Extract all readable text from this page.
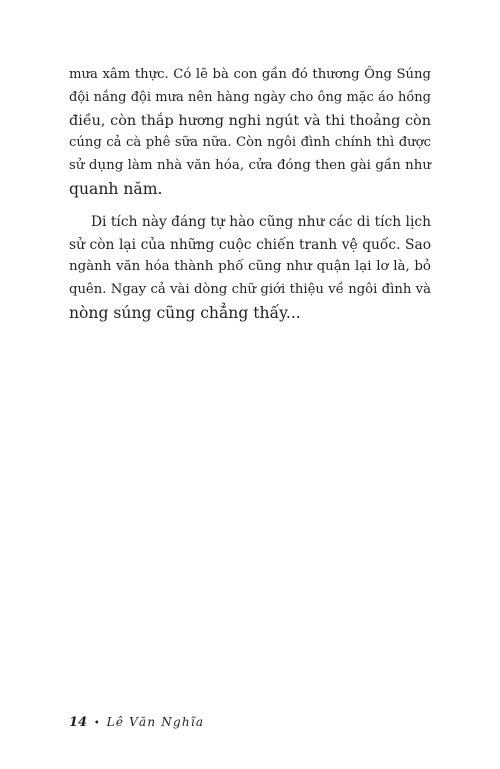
mưa xâm thực. Có lẽ bà con gần đó thương Ông Súng
đội nắng đội mưa nên hàng ngày cho ông mặc áo hồng
điều, còn thắp hương nghi ngút và thi thoảng còn
cúng cả cà phê sữa nữa. Còn ngôi đình chính thì được
sử dụng làm nhà văn hóa, cửa đóng then gài gần như
quanh năm.
Di tích này đáng tự hào cũng như các di tích lịch
sử còn lại của những cuộc chiến tranh vệ quốc. Sao
ngành văn hóa thành phố cũng như quận lại lơ là, bỏ
quên. Ngay cả vài dòng chữ giới thiệu về ngôi đình và
nòng súng cũng chẳng thấy...
14 • Lê Văn Nghĩa
